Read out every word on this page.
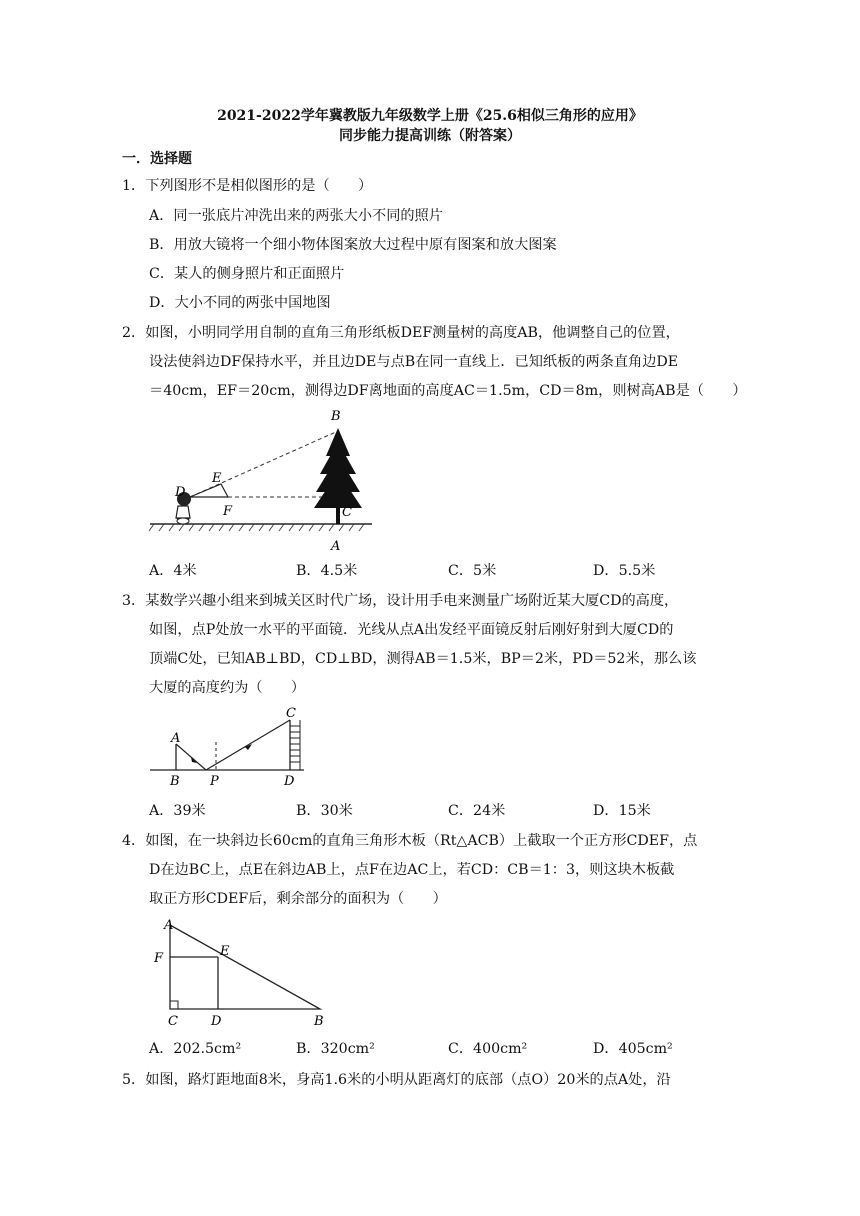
2021-2022学年冀教版九年级数学上册《25.6相似三角形的应用》
同步能力提高训练（附答案）
一．选择题
1．下列图形不是相似图形的是（　　）
A．同一张底片冲洗出来的两张大小不同的照片
B．用放大镜将一个细小物体图案放大过程中原有图案和放大图案
C．某人的侧身照片和正面照片
D．大小不同的两张中国地图
2．如图，小明同学用自制的直角三角形纸板DEF测量树的高度AB，他调整自己的位置，
设法使斜边DF保持水平，并且边DE与点B在同一直线上．已知纸板的两条直角边DE
＝40cm，EF＝20cm，测得边DF离地面的高度AC＝1.5m，CD＝8m，则树高AB是（　　）
B
D
E
F	C
A
A．4米	B．4.5米	C．5米	D．5.5米
3．某数学兴趣小组来到城关区时代广场，设计用手电来测量广场附近某大厦CD的高度，
如图，点P处放一水平的平面镜．光线从点A出发经平面镜反射后刚好射到大厦CD的
顶端C处，已知AB⊥BD，CD⊥BD，测得AB＝1.5米，BP＝2米，PD＝52米，那么该
大厦的高度约为（　　）
A
B P
C
D
A．39米	B．30米	C．24米	D．15米
4．如图，在一块斜边长60cm的直角三角形木板（Rt△ACB）上截取一个正方形CDEF，点
D在边BC上，点E在斜边AB上，点F在边AC上，若CD：CB＝1：3，则这块木板截
取正方形CDEF后，剩余部分的面积为（　　）
A
F	E
C	D	B
A．202.5cm²	B．320cm²	C．400cm²	D．405cm²
5．如图，路灯距地面8米，身高1.6米的小明从距离灯的底部（点O）20米的点A处，沿
